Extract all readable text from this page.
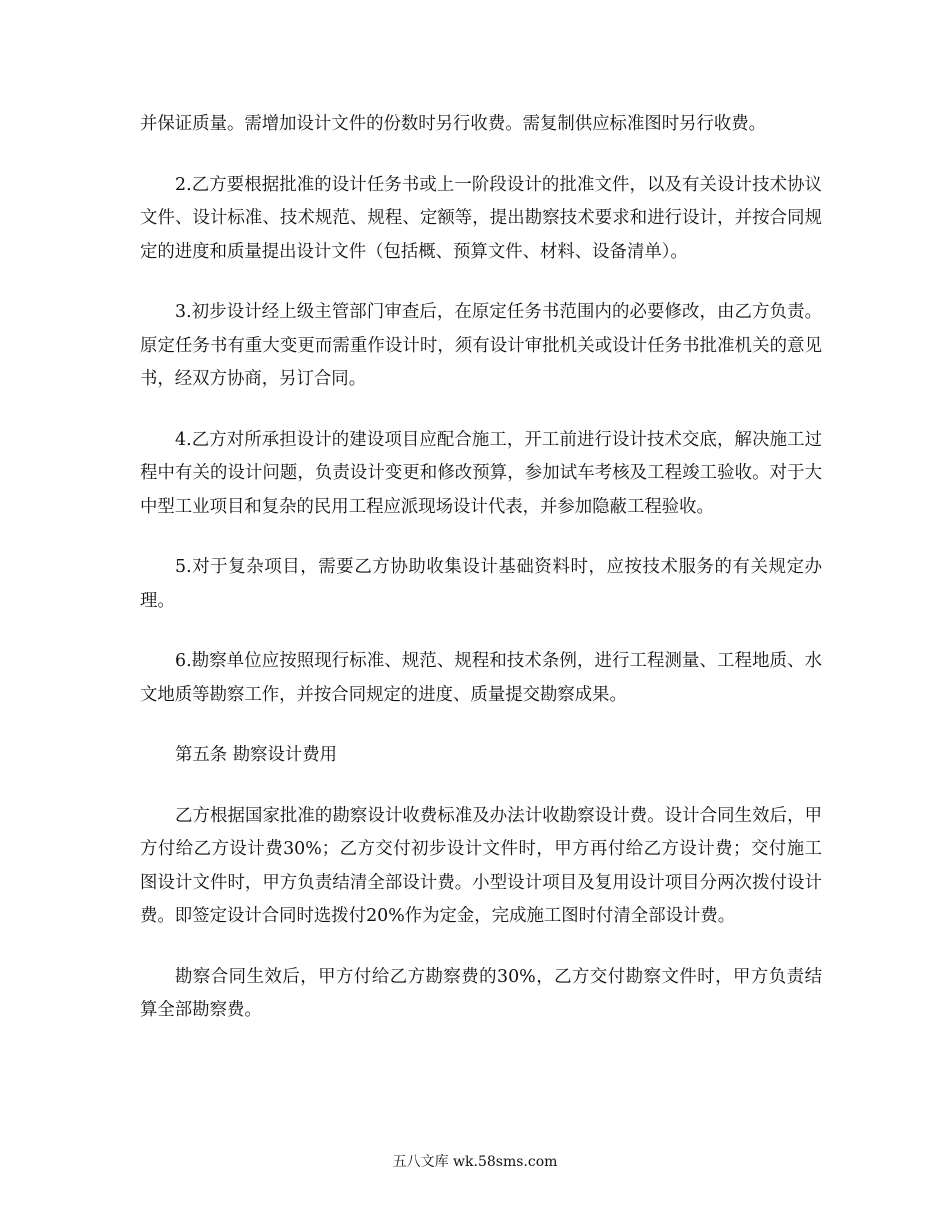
并保证质量。需增加设计文件的份数时另行收费。需复制供应标准图时另行收费。

2.乙方要根据批准的设计任务书或上一阶段设计的批准文件，以及有关设计技术协议文件、设计标准、技术规范、规程、定额等，提出勘察技术要求和进行设计，并按合同规定的进度和质量提出设计文件（包括概、预算文件、材料、设备清单）。

3.初步设计经上级主管部门审查后，在原定任务书范围内的必要修改，由乙方负责。原定任务书有重大变更而需重作设计时，须有设计审批机关或设计任务书批准机关的意见书，经双方协商，另订合同。

4.乙方对所承担设计的建设项目应配合施工，开工前进行设计技术交底，解决施工过程中有关的设计问题，负责设计变更和修改预算，参加试车考核及工程竣工验收。对于大中型工业项目和复杂的民用工程应派现场设计代表，并参加隐蔽工程验收。

5.对于复杂项目，需要乙方协助收集设计基础资料时，应按技术服务的有关规定办理。

6.勘察单位应按照现行标准、规范、规程和技术条例，进行工程测量、工程地质、水文地质等勘察工作，并按合同规定的进度、质量提交勘察成果。

第五条 勘察设计费用

乙方根据国家批准的勘察设计收费标准及办法计收勘察设计费。设计合同生效后，甲方付给乙方设计费30%；乙方交付初步设计文件时，甲方再付给乙方设计费；交付施工图设计文件时，甲方负责结清全部设计费。小型设计项目及复用设计项目分两次拨付设计费。即签定设计合同时选拨付20%作为定金，完成施工图时付清全部设计费。

勘察合同生效后，甲方付给乙方勘察费的30%，乙方交付勘察文件时，甲方负责结算全部勘察费。

五八文库 wk.58sms.com
